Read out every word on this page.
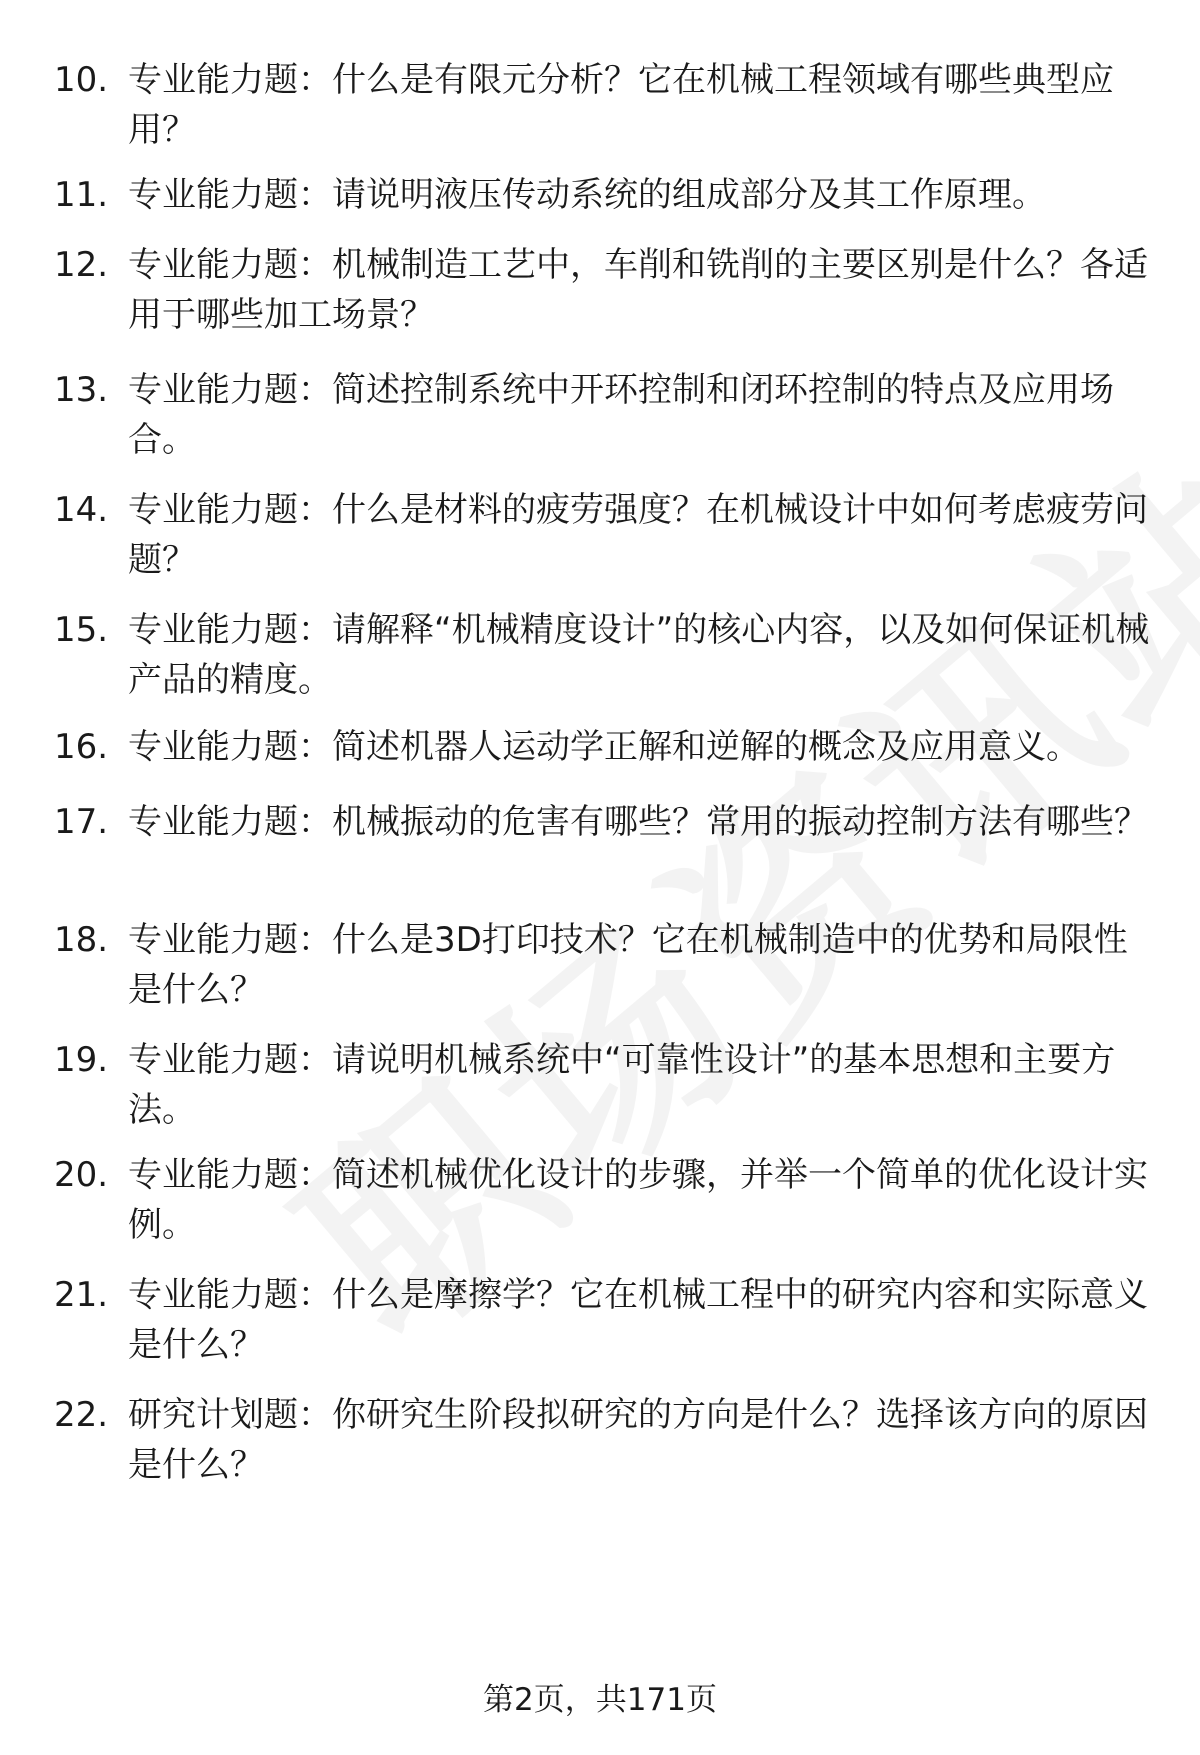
10. 专业能力题：什么是有限元分析？它在机械工程领域有哪些典型应用？
11. 专业能力题：请说明液压传动系统的组成部分及其工作原理。
12. 专业能力题：机械制造工艺中，车削和铣削的主要区别是什么？各适用于哪些加工场景？
13. 专业能力题：简述控制系统中开环控制和闭环控制的特点及应用场合。
14. 专业能力题：什么是材料的疲劳强度？在机械设计中如何考虑疲劳问题？
15. 专业能力题：请解释“机械精度设计”的核心内容，以及如何保证机械产品的精度。
16. 专业能力题：简述机器人运动学正解和逆解的概念及应用意义。
17. 专业能力题：机械振动的危害有哪些？常用的振动控制方法有哪些？
18. 专业能力题：什么是3D打印技术？它在机械制造中的优势和局限性是什么？
19. 专业能力题：请说明机械系统中“可靠性设计”的基本思想和主要方法。
20. 专业能力题：简述机械优化设计的步骤，并举一个简单的优化设计实例。
21. 专业能力题：什么是摩擦学？它在机械工程中的研究内容和实际意义是什么？
22. 研究计划题：你研究生阶段拟研究的方向是什么？选择该方向的原因是什么？
第2页，共171页
